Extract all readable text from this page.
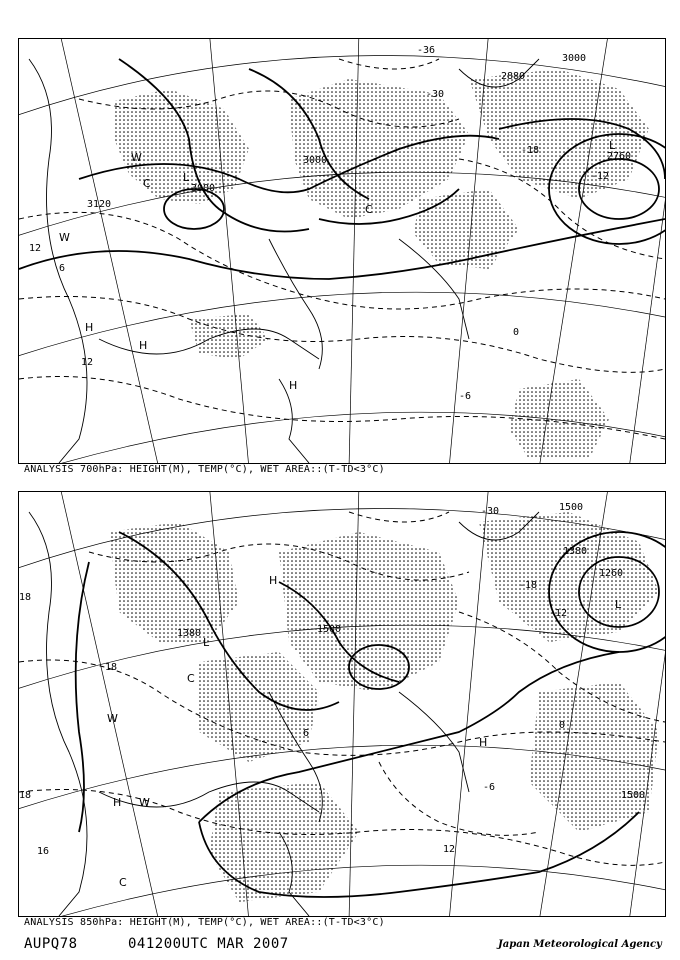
3000
2880
3000
3120
2760
3000
-36
-30
-18
-12
-6
0
6
12
12
W
C	L
W
H
H
H
L
C
ANALYSIS 700hPa: HEIGHT(M), TEMP(°C), WET AREA::(T-TD<3°C)
1500
1380
1500
1380
1260
1500
-30
-18
-12
-6
0
6
12
18
18
18
16
H
L
C
H W
C
H
L
W
ANALYSIS 850hPa: HEIGHT(M), TEMP(°C), WET AREA::(T-TD<3°C)
AUPQ78	041200UTC MAR 2007	Japan Meteorological Agency
